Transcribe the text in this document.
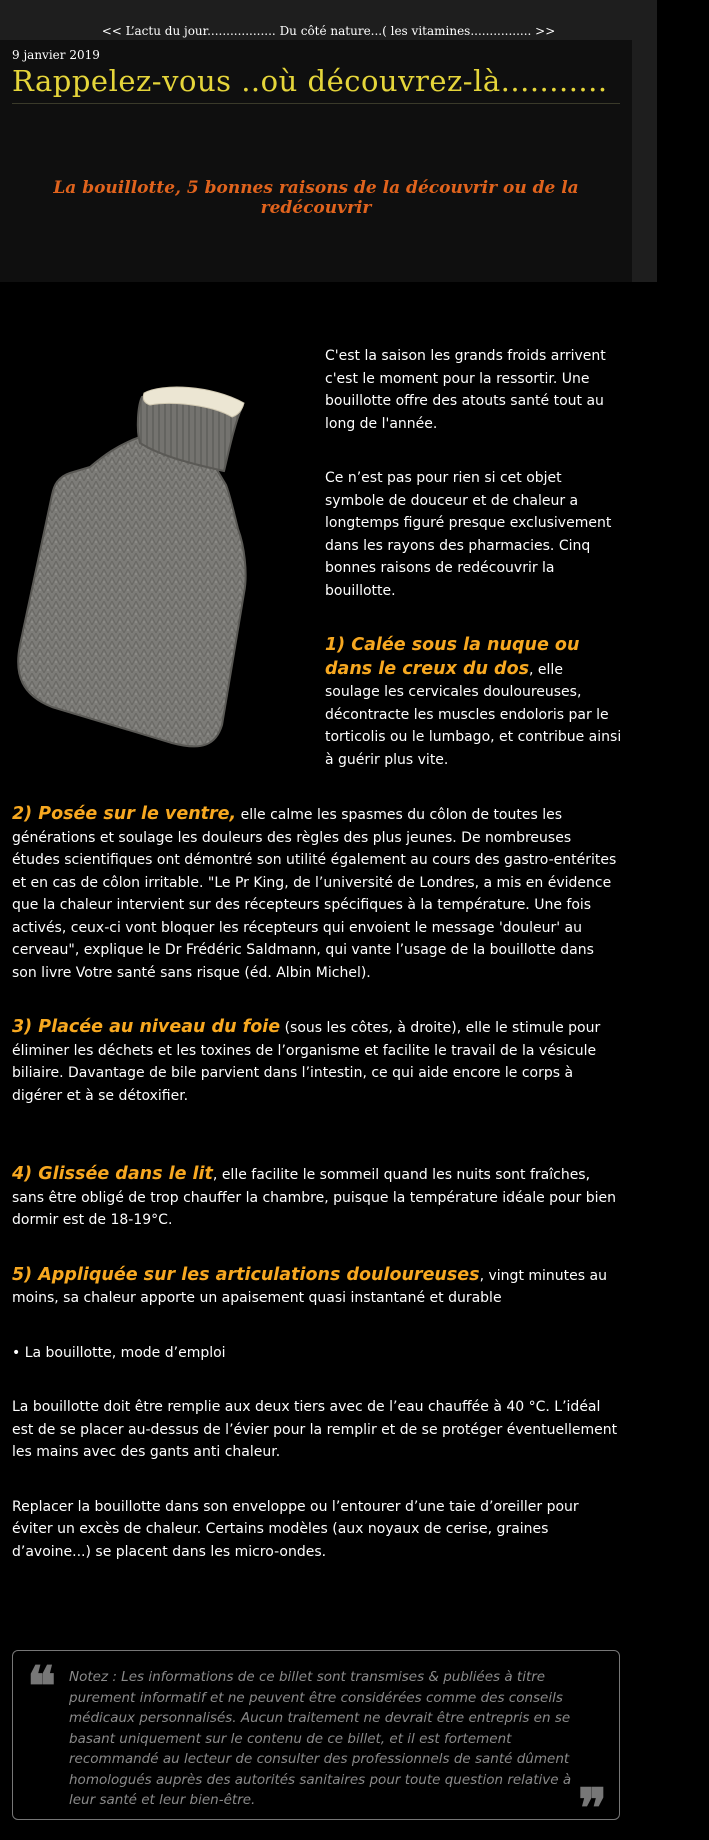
<< L’actu du jour.................. Du côté nature...( les vitamines................ >>
9 janvier 2019
Rappelez-vous ..où découvrez-là...........
La bouillotte, 5 bonnes raisons de la découvrir ou de la redécouvrir

C'est la saison les grands froids arrivent c'est le moment pour la ressortir. Une bouillotte offre des atouts santé tout au long de l'année.

Ce n’est pas pour rien si cet objet symbole de douceur et de chaleur a longtemps figuré presque exclusivement dans les rayons des pharmacies. Cinq bonnes raisons de redécouvrir la bouillotte.

1) Calée sous la nuque ou dans le creux du dos, elle soulage les cervicales douloureuses, décontracte les muscles endoloris par le torticolis ou le lumbago, et contribue ainsi à guérir plus vite.

2) Posée sur le ventre, elle calme les spasmes du côlon de toutes les générations et soulage les douleurs des règles des plus jeunes. De nombreuses études scientifiques ont démontré son utilité également au cours des gastro-entérites et en cas de côlon irritable. "Le Pr King, de l’université de Londres, a mis en évidence que la chaleur intervient sur des récepteurs spécifiques à la température. Une fois activés, ceux-ci vont bloquer les récepteurs qui envoient le message 'douleur' au cerveau", explique le Dr Frédéric Saldmann, qui vante l’usage de la bouillotte dans son livre Votre santé sans risque (éd. Albin Michel).

3) Placée au niveau du foie (sous les côtes, à droite), elle le stimule pour éliminer les déchets et les toxines de l’organisme et facilite le travail de la vésicule biliaire. Davantage de bile parvient dans l’intestin, ce qui aide encore le corps à digérer et à se détoxifier.

4) Glissée dans le lit, elle facilite le sommeil quand les nuits sont fraîches, sans être obligé de trop chauffer la chambre, puisque la température idéale pour bien dormir est de 18-19°C.

5) Appliquée sur les articulations douloureuses, vingt minutes au moins, sa chaleur apporte un apaisement quasi instantané et durable

• La bouillotte, mode d’emploi

La bouillotte doit être remplie aux deux tiers avec de l’eau chauffée à 40 °C. L’idéal est de se placer au-dessus de l’évier pour la remplir et de se protéger éventuellement les mains avec des gants anti chaleur.

Replacer la bouillotte dans son enveloppe ou l’entourer d’une taie d’oreiller pour éviter un excès de chaleur. Certains modèles (aux noyaux de cerise, graines d’avoine...) se placent dans les micro-ondes.

❝ Notez : Les informations de ce billet sont transmises & publiées à titre purement informatif et ne peuvent être considérées comme des conseils médicaux personnalisés. Aucun traitement ne devrait être entrepris en se basant uniquement sur le contenu de ce billet, et il est fortement recommandé au lecteur de consulter des professionnels de santé dûment homologués auprès des autorités sanitaires pour toute question relative à leur santé et leur bien-être.	❞
